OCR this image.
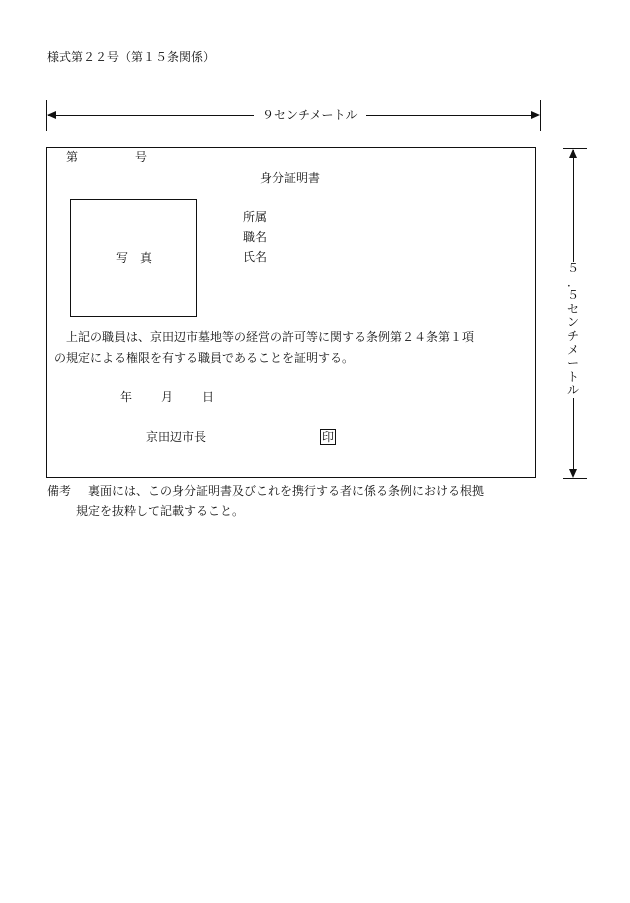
様式第２２号（第１５条関係）
９センチメートル
５
．
５
セ
ン
チ
メ
ー
ト
ル
第	号
身分証明書
写　真
所属
職名
氏名
上記の職員は、京田辺市墓地等の経営の許可等に関する条例第２４条第１項
の規定による権限を有する職員であることを証明する。
年 月 日
京田辺市長	印
備考 裏面には、この身分証明書及びこれを携行する者に係る条例における根拠
規定を抜粋して記載すること。
